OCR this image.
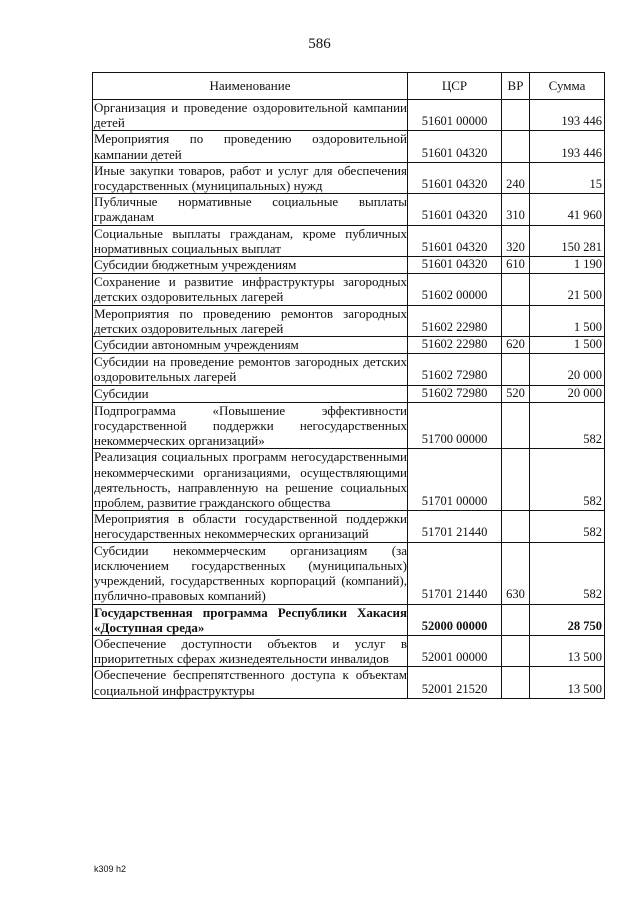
586
Наименование	ЦСР	ВР	Сумма
Организация и проведение оздоровительной кампании детей	51601 00000		193 446
Мероприятия по проведению оздоровительной кампании детей	51601 04320		193 446
Иные закупки товаров, работ и услуг для обеспечения государственных (муниципальных) нужд	51601 04320	240	15
Публичные нормативные социальные выплаты гражданам	51601 04320	310	41 960
Социальные выплаты гражданам, кроме публичных нормативных социальных выплат	51601 04320	320	150 281
Субсидии бюджетным учреждениям	51601 04320	610	1 190
Сохранение и развитие инфраструктуры загородных детских оздоровительных лагерей	51602 00000		21 500
Мероприятия по проведению ремонтов загородных детских оздоровительных лагерей	51602 22980		1 500
Субсидии автономным учреждениям	51602 22980	620	1 500
Субсидии на проведение ремонтов загородных детских оздоровительных лагерей	51602 72980		20 000
Субсидии	51602 72980	520	20 000
Подпрограмма «Повышение эффективности государственной поддержки негосударственных некоммерческих организаций»	51700 00000		582
Реализация социальных программ негосударственными некоммерческими организациями, осуществляющими деятельность, направленную на решение социальных проблем, развитие гражданского общества	51701 00000		582
Мероприятия в области государственной поддержки негосударственных некоммерческих организаций	51701 21440		582
Субсидии некоммерческим организациям (за исключением государственных (муниципальных) учреждений, государственных корпораций (компаний), публично-правовых компаний)	51701 21440	630	582
Государственная программа Республики Хакасия «Доступная среда»	52000 00000		28 750
Обеспечение доступности объектов и услуг в приоритетных сферах жизнедеятельности инвалидов	52001 00000		13 500
Обеспечение беспрепятственного доступа к объектам социальной инфраструктуры	52001 21520		13 500
k309 h2
